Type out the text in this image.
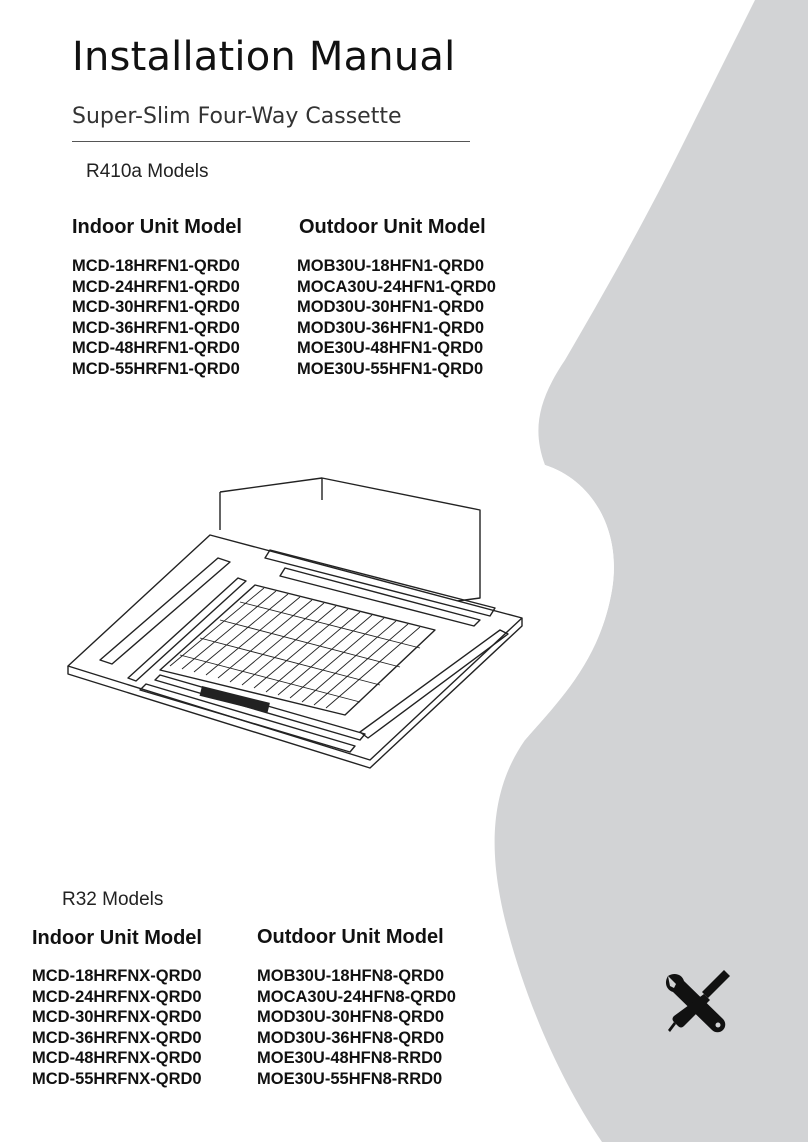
Installation Manual
Super-Slim Four-Way Cassette
R410a Models
Indoor Unit Model	Outdoor Unit Model
MCD-18HRFN1-QRD0
MCD-24HRFN1-QRD0
MCD-30HRFN1-QRD0
MCD-36HRFN1-QRD0
MCD-48HRFN1-QRD0
MCD-55HRFN1-QRD0
MOB30U-18HFN1-QRD0
MOCA30U-24HFN1-QRD0
MOD30U-30HFN1-QRD0
MOD30U-36HFN1-QRD0
MOE30U-48HFN1-QRD0
MOE30U-55HFN1-QRD0
R32 Models
Indoor Unit Model	Outdoor Unit Model
MCD-18HRFNX-QRD0
MCD-24HRFNX-QRD0
MCD-30HRFNX-QRD0
MCD-36HRFNX-QRD0
MCD-48HRFNX-QRD0
MCD-55HRFNX-QRD0
MOB30U-18HFN8-QRD0
MOCA30U-24HFN8-QRD0
MOD30U-30HFN8-QRD0
MOD30U-36HFN8-QRD0
MOE30U-48HFN8-RRD0
MOE30U-55HFN8-RRD0
